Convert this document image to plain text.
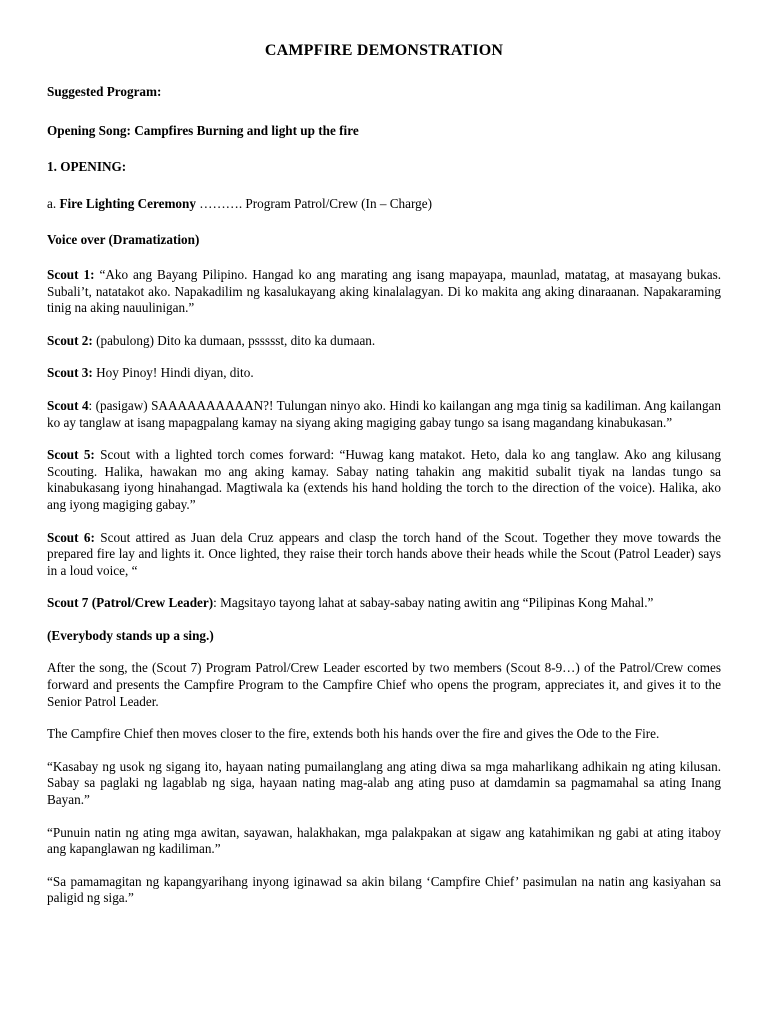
CAMPFIRE DEMONSTRATION

Suggested Program:

Opening Song: Campfires Burning and light up the fire

1. OPENING:

a. Fire Lighting Ceremony ………. Program Patrol/Crew (In – Charge)

Voice over (Dramatization)

Scout 1: “Ako ang Bayang Pilipino. Hangad ko ang marating ang isang mapayapa, maunlad, matatag, at masayang bukas. Subali’t, natatakot ako. Napakadilim ng kasalukayang aking kinalalagyan. Di ko makita ang aking dinaraanan. Napakaraming tinig na aking nauulinigan.”

Scout 2: (pabulong) Dito ka dumaan, pssssst, dito ka dumaan.

Scout 3: Hoy Pinoy! Hindi diyan, dito.

Scout 4: (pasigaw) SAAAAAAAAAAN?! Tulungan ninyo ako. Hindi ko kailangan ang mga tinig sa kadiliman. Ang kailangan ko ay tanglaw at isang mapagpalang kamay na siyang aking magiging gabay tungo sa isang magandang kinabukasan.”

Scout 5: Scout with a lighted torch comes forward: “Huwag kang matakot. Heto, dala ko ang tanglaw. Ako ang kilusang Scouting. Halika, hawakan mo ang aking kamay. Sabay nating tahakin ang makitid subalit tiyak na landas tungo sa kinabukasang iyong hinahangad. Magtiwala ka (extends his hand holding the torch to the direction of the voice). Halika, ako ang iyong magiging gabay.”

Scout 6: Scout attired as Juan dela Cruz appears and clasp the torch hand of the Scout. Together they move towards the prepared fire lay and lights it. Once lighted, they raise their torch hands above their heads while the Scout (Patrol Leader) says in a loud voice, “

Scout 7 (Patrol/Crew Leader): Magsitayo tayong lahat at sabay-sabay nating awitin ang “Pilipinas Kong Mahal.”

(Everybody stands up a sing.)

After the song, the (Scout 7) Program Patrol/Crew Leader escorted by two members (Scout 8-9…) of the Patrol/Crew comes forward and presents the Campfire Program to the Campfire Chief who opens the program, appreciates it, and gives it to the Senior Patrol Leader.

The Campfire Chief then moves closer to the fire, extends both his hands over the fire and gives the Ode to the Fire.

“Kasabay ng usok ng sigang ito, hayaan nating pumailanglang ang ating diwa sa mga maharlikang adhikain ng ating kilusan. Sabay sa paglaki ng lagablab ng siga, hayaan nating mag-alab ang ating puso at damdamin sa pagmamahal sa ating Inang Bayan.”

“Punuin natin ng ating mga awitan, sayawan, halakhakan, mga palakpakan at sigaw ang katahimikan ng gabi at ating itaboy ang kapanglawan ng kadiliman.”

“Sa pamamagitan ng kapangyarihang inyong iginawad sa akin bilang ‘Campfire Chief’ pasimulan na natin ang kasiyahan sa paligid ng siga.”
